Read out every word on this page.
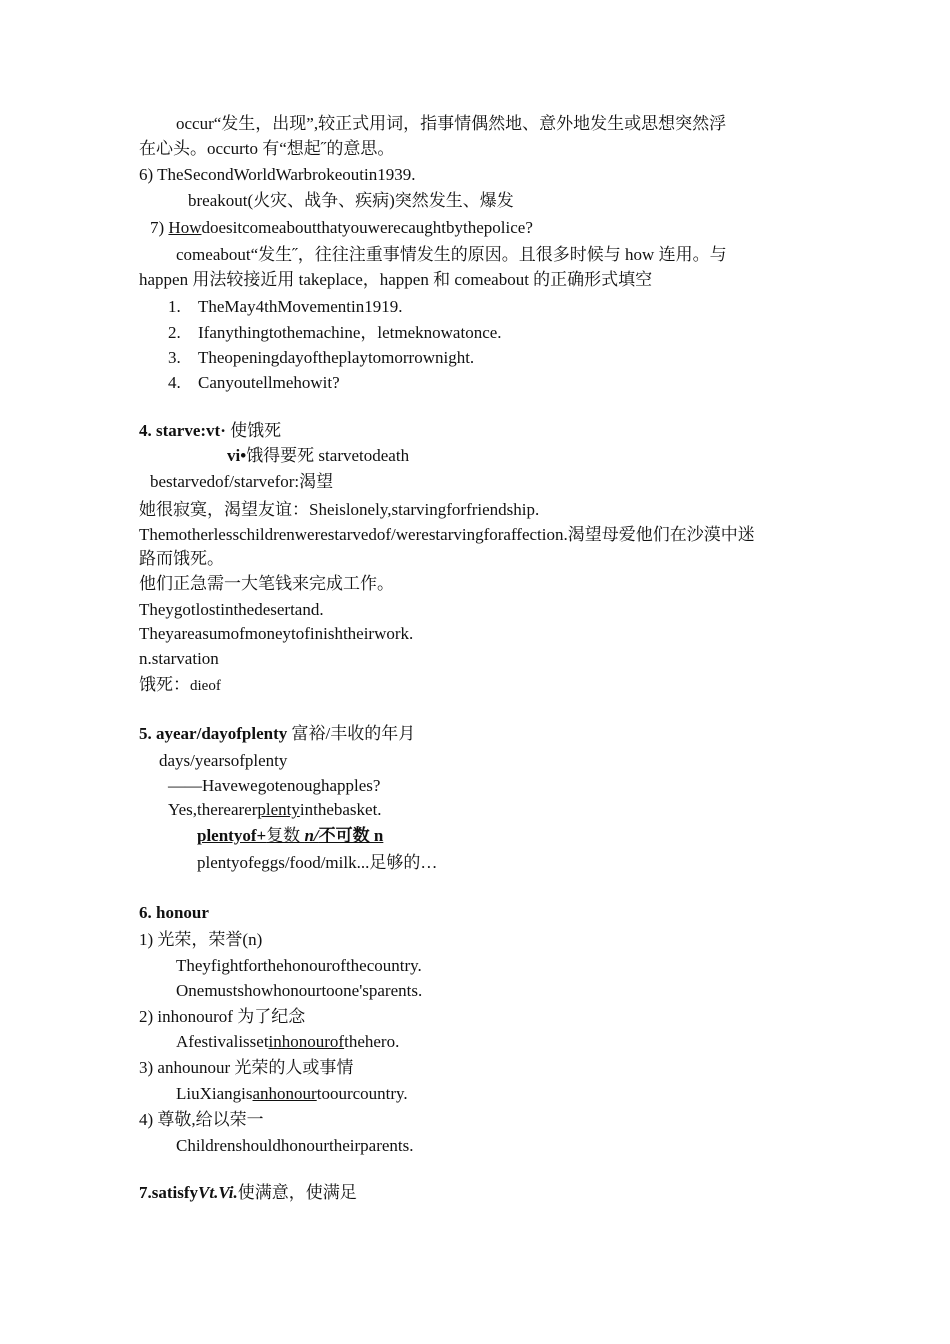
occur“发生，出现”,较正式用词，指事情偶然地、意外地发生或思想突然浮
在心头。occurto 有“想起˝的意思。
6) TheSecondWorldWarbrokeoutin1939.
breakout(火灾、战争、疾病)突然发生、爆发
7) Howdoesitcomeaboutthatyouwerecaughtbythepolice?
comeabout“发生˝，往往注重事情发生的原因。且很多时候与 how 连用。与
happen 用法较接近用 takeplace，happen 和 comeabout 的正确形式填空
1. TheMay4thMovementin1919.
2. Ifanythingtothemachine，letmeknowatonce.
3. Theopeningdayoftheplaytomorrownight.
4. Canyoutellmehowit?
4. starve:vt· 使饿死
vi•饿得要死 starvetodeath
bestarvedof/starvefor:渴望
她很寂寞，渴望友谊：Sheislonely,starvingforfriendship.
Themotherlesschildrenwerestarvedof/werestarvingforaffection.渴望母爱他们在沙漠中迷
路而饿死。
他们正急需一大笔钱来完成工作。
Theygotlostinthedesertand.
Theyareasumofmoneytofinishtheirwork.
n.starvation
饿死：dieof
5. ayear/dayofplenty 富裕/丰收的年月
days/yearsofplenty
——Havewegotenoughapples?
Yes,therearerplentyinthebasket.
plentyof+复数 n/不可数 n
plentyofeggs/food/milk...足够的…
6. honour
1) 光荣，荣誉(n)
Theyfightforthehonourofthecountry.
Onemustshowhonourtoone'sparents.
2) inhonourof 为了纪念
Afestivalissetinhonourofthehero.
3) anhounour 光荣的人或事情
LiuXiangisanhonourtoourcountry.
4) 尊敬,给以荣一
Childrenshouldhonourtheirparents.
7.satisfyVt.Vi.使满意，使满足
